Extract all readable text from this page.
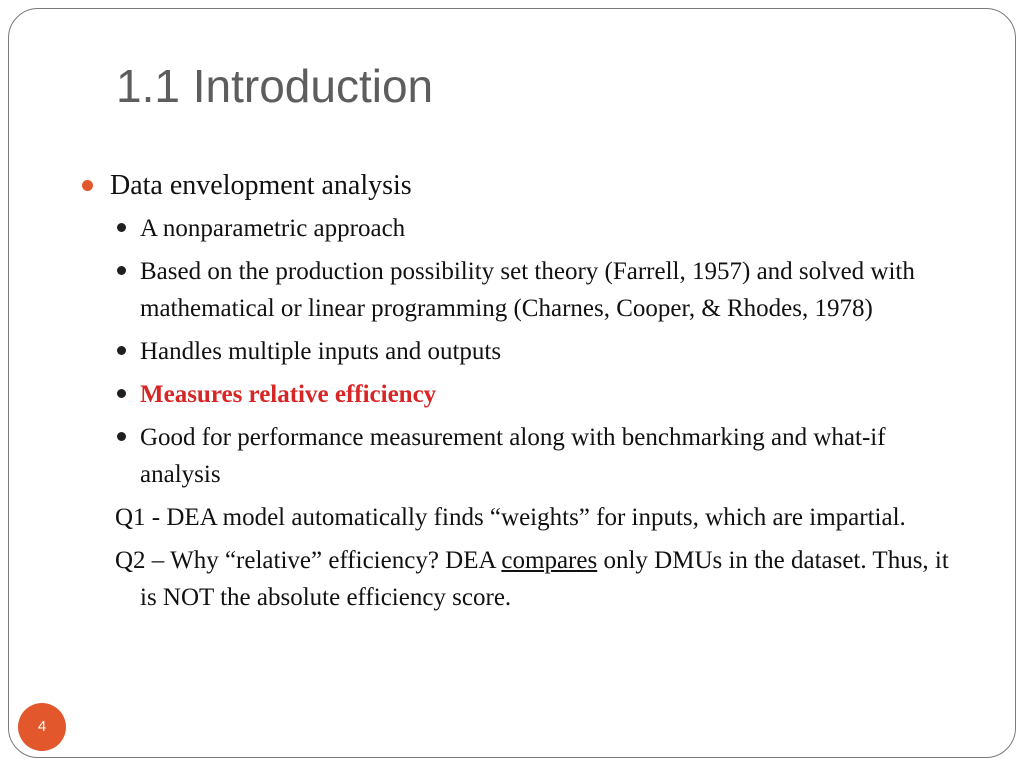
1.1 Introduction
Data envelopment analysis
A nonparametric approach
Based on the production possibility set theory (Farrell, 1957) and solved with mathematical or linear programming (Charnes, Cooper, & Rhodes, 1978)
Handles multiple inputs and outputs
Measures relative efficiency
Good for performance measurement along with benchmarking and what-if analysis
Q1 - DEA model automatically finds “weights” for inputs, which are impartial.
Q2 – Why “relative” efficiency? DEA compares only DMUs in the dataset. Thus, it is NOT the absolute efficiency score.
4
